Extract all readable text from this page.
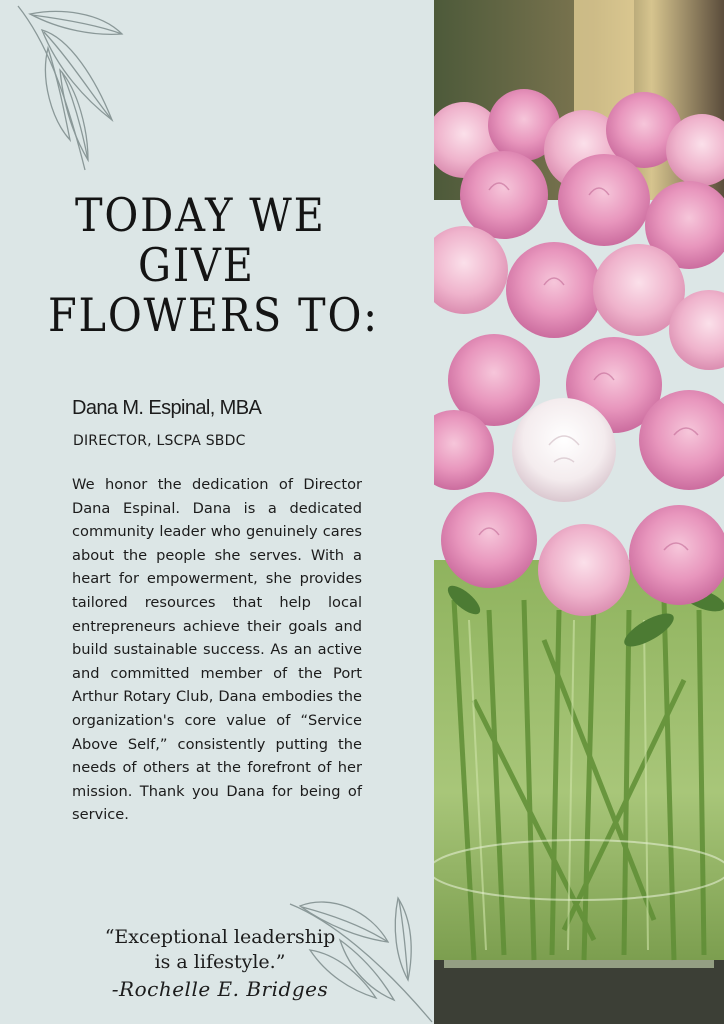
TODAY WE
GIVE
FLOWERS TO:

Dana M. Espinal, MBA

DIRECTOR, LSCPA SBDC

We honor the dedication of Director Dana Espinal. Dana is a dedicated community leader who genuinely cares about the people she serves. With a heart for empowerment, she provides tailored resources that help local entrepreneurs achieve their goals and build sustainable success. As an active and committed member of the Port Arthur Rotary Club, Dana embodies the organization's core value of “Service Above Self,” consistently putting the needs of others at the forefront of her mission. Thank you Dana for being of service.

“Exceptional leadership
is a lifestyle.”

-Rochelle E. Bridges
